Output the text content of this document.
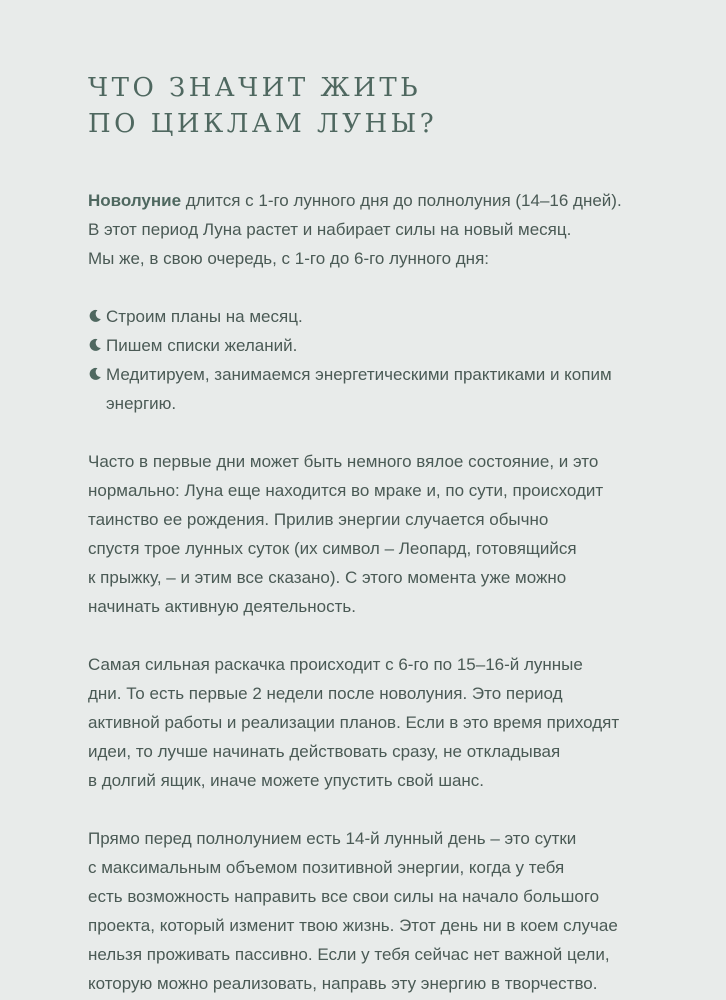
ЧТО ЗНАЧИТ ЖИТЬ
ПО ЦИКЛАМ ЛУНЫ?

Новолуние длится с 1-го лунного дня до полнолуния (14–16 дней).
В этот период Луна растет и набирает силы на новый месяц.
Мы же, в свою очередь, с 1-го до 6-го лунного дня:

Строим планы на месяц.
Пишем списки желаний.
Медитируем, занимаемся энергетическими практиками и копим
энергию.

Часто в первые дни может быть немного вялое состояние, и это
нормально: Луна еще находится во мраке и, по сути, происходит
таинство ее рождения. Прилив энергии случается обычно
спустя трое лунных суток (их символ – Леопард, готовящийся
к прыжку, – и этим все сказано). С этого момента уже можно
начинать активную деятельность.

Самая сильная раскачка происходит с 6-го по 15–16-й лунные
дни. То есть первые 2 недели после новолуния. Это период
активной работы и реализации планов. Если в это время приходят
идеи, то лучше начинать действовать сразу, не откладывая
в долгий ящик, иначе можете упустить свой шанс.

Прямо перед полнолунием есть 14-й лунный день – это сутки
с максимальным объемом позитивной энергии, когда у тебя
есть возможность направить все свои силы на начало большого
проекта, который изменит твою жизнь. Этот день ни в коем случае
нельзя проживать пассивно. Если у тебя сейчас нет важной цели,
которую можно реализовать, направь эту энергию в творчество.
